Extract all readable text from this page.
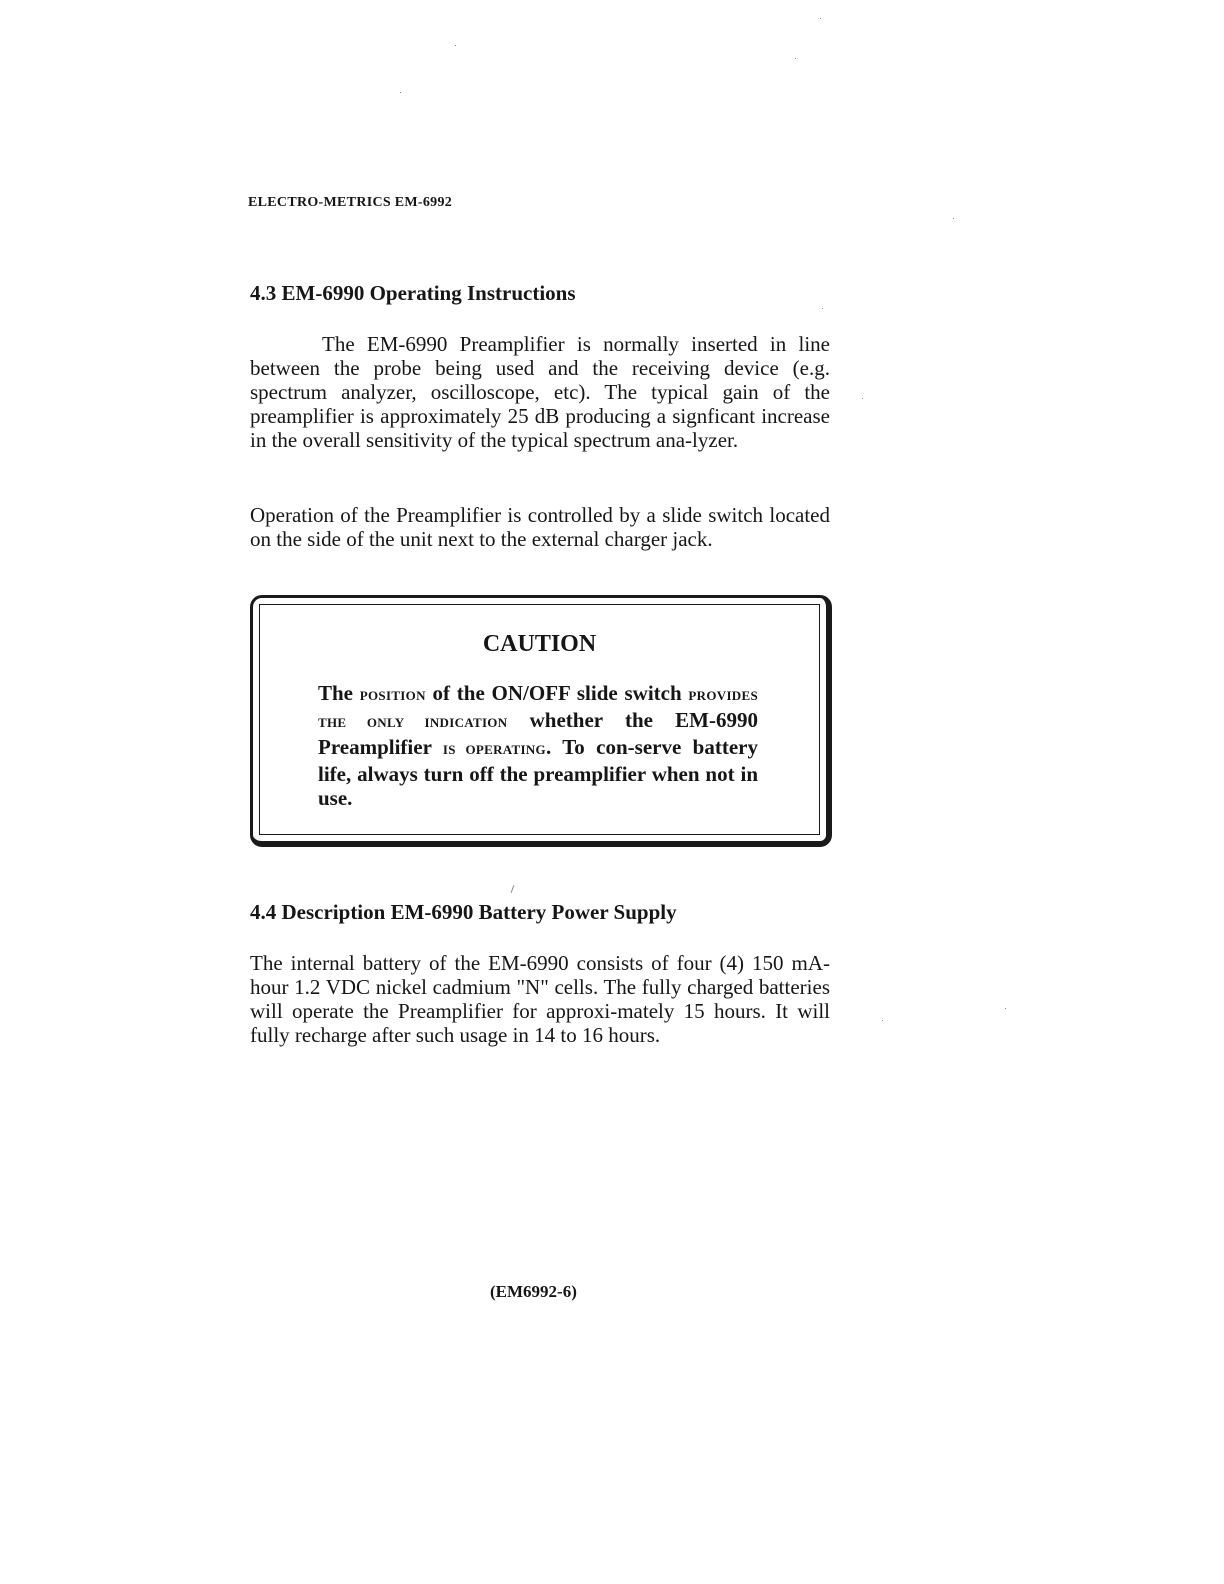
ELECTRO-METRICS EM-6992
4.3 EM-6990 Operating Instructions

The EM-6990 Preamplifier is normally inserted in line between the probe being used and the receiving device (e.g. spectrum analyzer, oscilloscope, etc). The typical gain of the preamplifier is approximately 25 dB producing a signficant increase in the overall sensitivity of the typical spectrum ana-lyzer.

Operation of the Preamplifier is controlled by a slide switch located on the side of the unit next to the external charger jack.

CAUTION

The POSITION of the ON/OFF slide switch PROVIDES THE ONLY INDICATION whether the EM-6990 Preamplifier IS OPERATING. To con-serve battery life, always turn off the preamplifier when not in use.

4.4 Description EM-6990 Battery Power Supply

The internal battery of the EM-6990 consists of four (4) 150 mA-hour 1.2 VDC nickel cadmium "N" cells. The fully charged batteries will operate the Preamplifier for approxi-mately 15 hours. It will fully recharge after such usage in 14 to 16 hours.

(EM6992-6)
